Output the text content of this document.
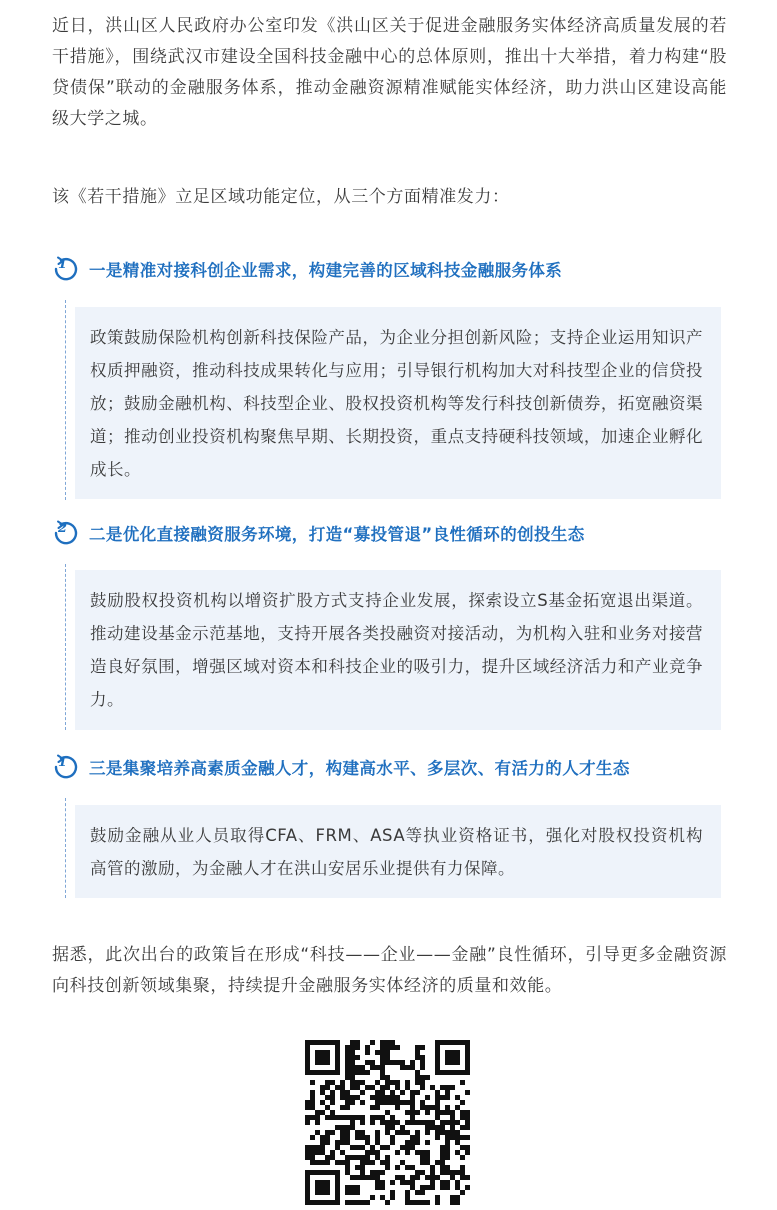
近日，洪山区人民政府办公室印发《洪山区关于促进金融服务实体经济高质量发展的若干措施》，围绕武汉市建设全国科技金融中心的总体原则，推出十大举措，着力构建“股贷债保”联动的金融服务体系，推动金融资源精准赋能实体经济，助力洪山区建设高能级大学之城。

该《若干措施》立足区域功能定位，从三个方面精准发力：

1 一是精准对接科创企业需求，构建完善的区域科技金融服务体系

政策鼓励保险机构创新科技保险产品，为企业分担创新风险；支持企业运用知识产权质押融资，推动科技成果转化与应用；引导银行机构加大对科技型企业的信贷投放；鼓励金融机构、科技型企业、股权投资机构等发行科技创新债券，拓宽融资渠道；推动创业投资机构聚焦早期、长期投资，重点支持硬科技领域，加速企业孵化成长。

2 二是优化直接融资服务环境，打造“募投管退”良性循环的创投生态

鼓励股权投资机构以增资扩股方式支持企业发展，探索设立S基金拓宽退出渠道。推动建设基金示范基地，支持开展各类投融资对接活动，为机构入驻和业务对接营造良好氛围，增强区域对资本和科技企业的吸引力，提升区域经济活力和产业竞争力。

1 三是集聚培养高素质金融人才，构建高水平、多层次、有活力的人才生态

鼓励金融从业人员取得CFA、FRM、ASA等执业资格证书，强化对股权投资机构高管的激励，为金融人才在洪山安居乐业提供有力保障。

据悉，此次出台的政策旨在形成“科技——企业——金融”良性循环，引导更多金融资源向科技创新领域集聚，持续提升金融服务实体经济的质量和效能。
